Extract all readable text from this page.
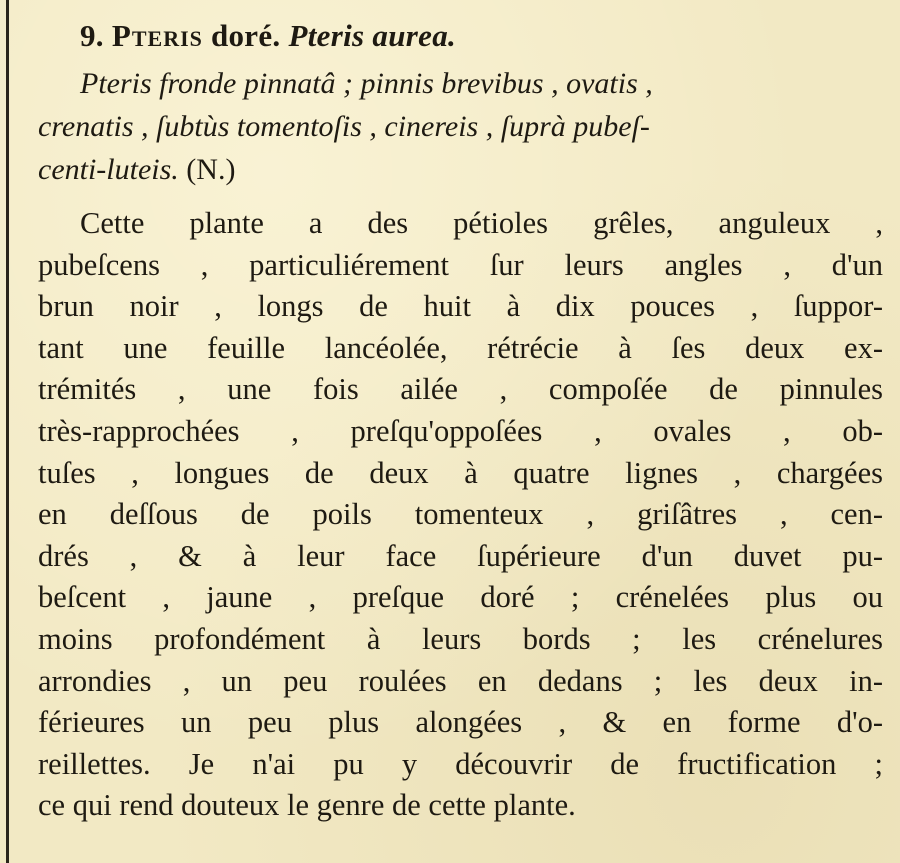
9. Pteris doré. Pteris aurea.

Pteris fronde pinnatâ ; pinnis brevibus , ovatis ,
crenatis , ſubtùs tomentoſis , cinereis , ſuprà pubeſ-
centi-luteis. (N.)

Cette plante a des pétioles grêles, anguleux ,
pubeſcens , particuliérement ſur leurs angles , d'un
brun noir , longs de huit à dix pouces , ſuppor-
tant une feuille lancéolée, rétrécie à ſes deux ex-
trémités , une fois ailée , compoſée de pinnules
très-rapprochées , preſqu'oppoſées , ovales , ob-
tuſes , longues de deux à quatre lignes , chargées
en deſſous de poils tomenteux , griſâtres , cen-
drés , & à leur face ſupérieure d'un duvet pu-
beſcent , jaune , preſque doré ; crénelées plus ou
moins profondément à leurs bords ; les crénelures
arrondies , un peu roulées en dedans ; les deux in-
férieures un peu plus alongées , & en forme d'o-
reillettes. Je n'ai pu y découvrir de fructification ;
ce qui rend douteux le genre de cette plante.
